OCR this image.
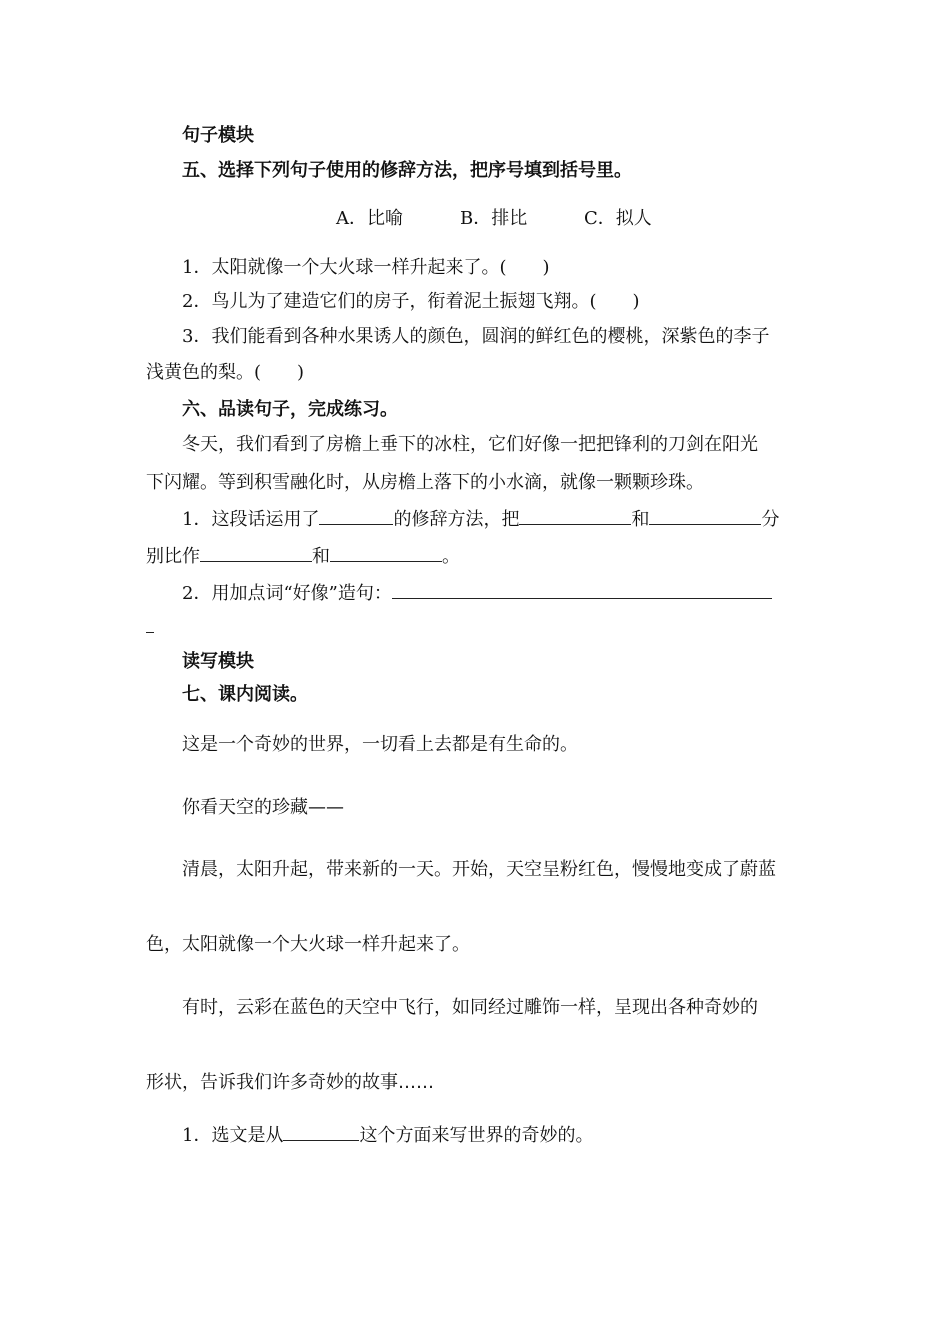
句子模块
五、选择下列句子使用的修辞方法，把序号填到括号里。
A．比喻	B．排比	C．拟人
1．太阳就像一个大火球一样升起来了。(　　)
2．鸟儿为了建造它们的房子，衔着泥土振翅飞翔。(　　)
3．我们能看到各种水果诱人的颜色，圆润的鲜红色的樱桃，深紫色的李子
浅黄色的梨。(　　)
六、品读句子，完成练习。
冬天，我们看到了房檐上垂下的冰柱，它们好像一把把锋利的刀剑在阳光
下闪耀。等到积雪融化时，从房檐上落下的小水滴，就像一颗颗珍珠。
1．这段话运用了	的修辞方法，把	和	分
别比作	和	。
2．用加点词“好像”造句：
读写模块
七、课内阅读。
这是一个奇妙的世界，一切看上去都是有生命的。
你看天空的珍藏——
清晨，太阳升起，带来新的一天。开始，天空呈粉红色，慢慢地变成了蔚蓝
色，太阳就像一个大火球一样升起来了。
有时，云彩在蓝色的天空中飞行，如同经过雕饰一样，呈现出各种奇妙的
形状，告诉我们许多奇妙的故事……
1．选文是从	这个方面来写世界的奇妙的。
